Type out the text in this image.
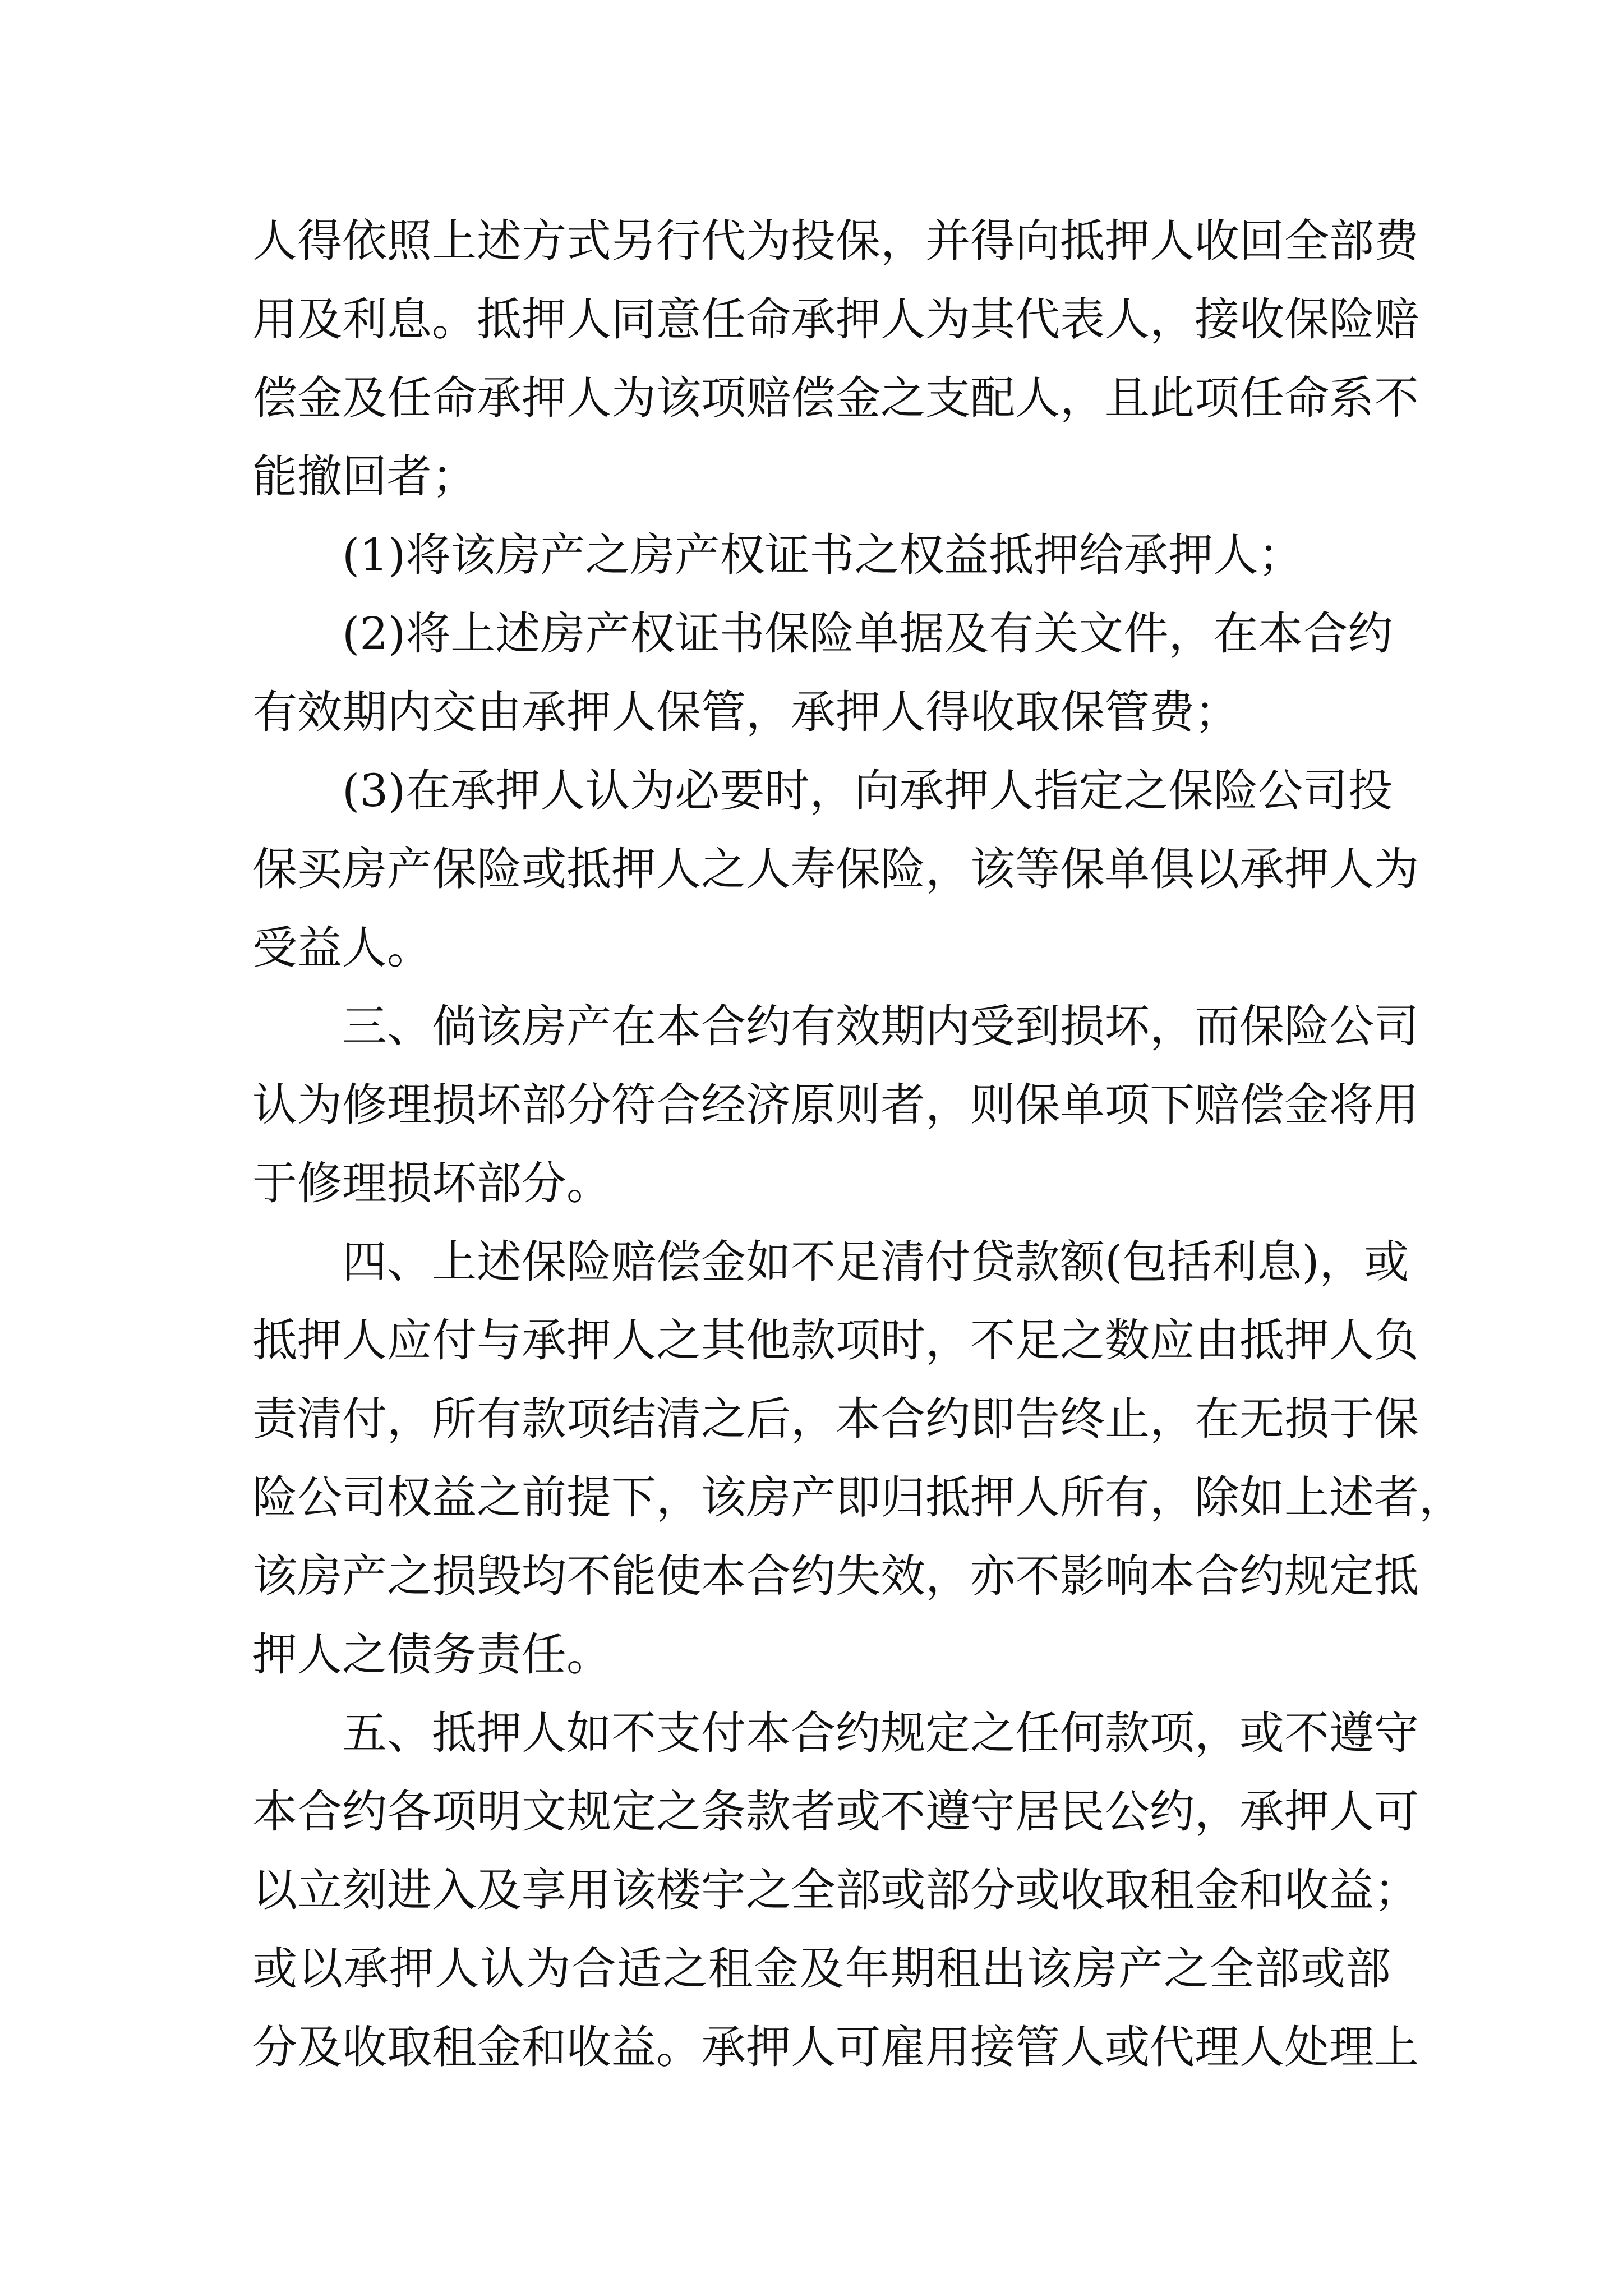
人得依照上述方式另行代为投保，并得向抵押人收回全部费
用及利息。抵押人同意任命承押人为其代表人，接收保险赔
偿金及任命承押人为该项赔偿金之支配人，且此项任命系不
能撤回者；
(1)将该房产之房产权证书之权益抵押给承押人；
(2)将上述房产权证书保险单据及有关文件，在本合约
有效期内交由承押人保管，承押人得收取保管费；
(3)在承押人认为必要时，向承押人指定之保险公司投
保买房产保险或抵押人之人寿保险，该等保单俱以承押人为
受益人。
三、倘该房产在本合约有效期内受到损坏，而保险公司
认为修理损坏部分符合经济原则者，则保单项下赔偿金将用
于修理损坏部分。
四、上述保险赔偿金如不足清付贷款额(包括利息)，或
抵押人应付与承押人之其他款项时，不足之数应由抵押人负
责清付，所有款项结清之后，本合约即告终止，在无损于保
险公司权益之前提下，该房产即归抵押人所有，除如上述者，
该房产之损毁均不能使本合约失效，亦不影响本合约规定抵
押人之债务责任。
五、抵押人如不支付本合约规定之任何款项，或不遵守
本合约各项明文规定之条款者或不遵守居民公约，承押人可
以立刻进入及享用该楼宇之全部或部分或收取租金和收益；
或以承押人认为合适之租金及年期租出该房产之全部或部
分及收取租金和收益。承押人可雇用接管人或代理人处理上
